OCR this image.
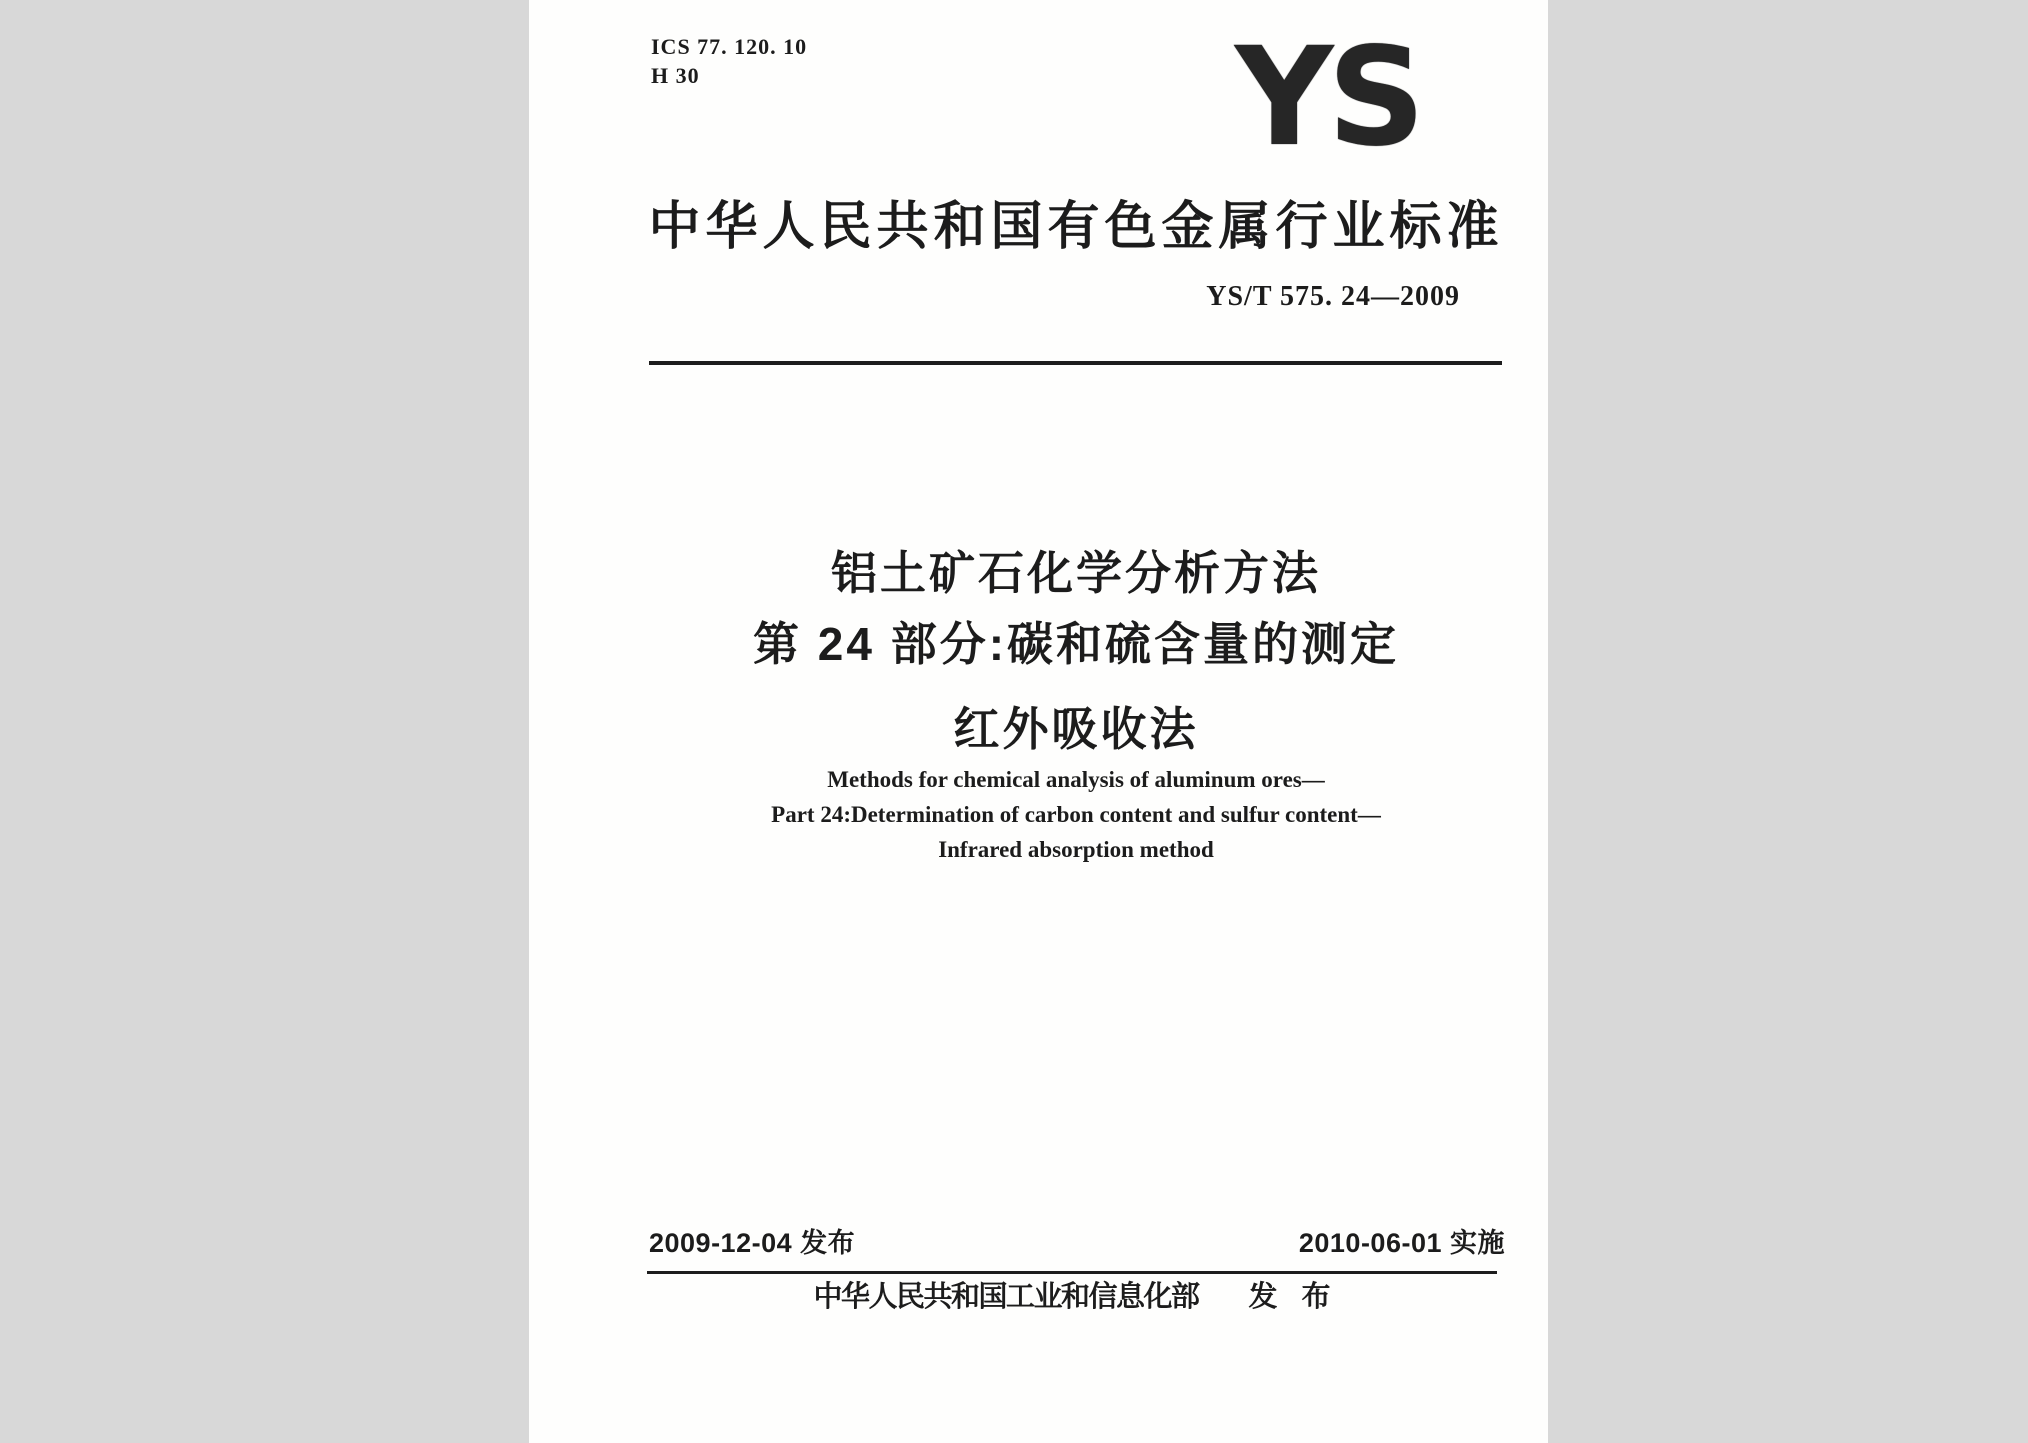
ICS 77. 120. 10
H 30	YS
中华人民共和国有色金属行业标准
YS/T 575. 24—2009
铝土矿石化学分析方法
第 24 部分:碳和硫含量的测定
红外吸收法
Methods for chemical analysis of aluminum ores—
Part 24:Determination of carbon content and sulfur content—
Infrared absorption method
2009-12-04 发布	2010-06-01 实施
中华人民共和国工业和信息化部 发 布
